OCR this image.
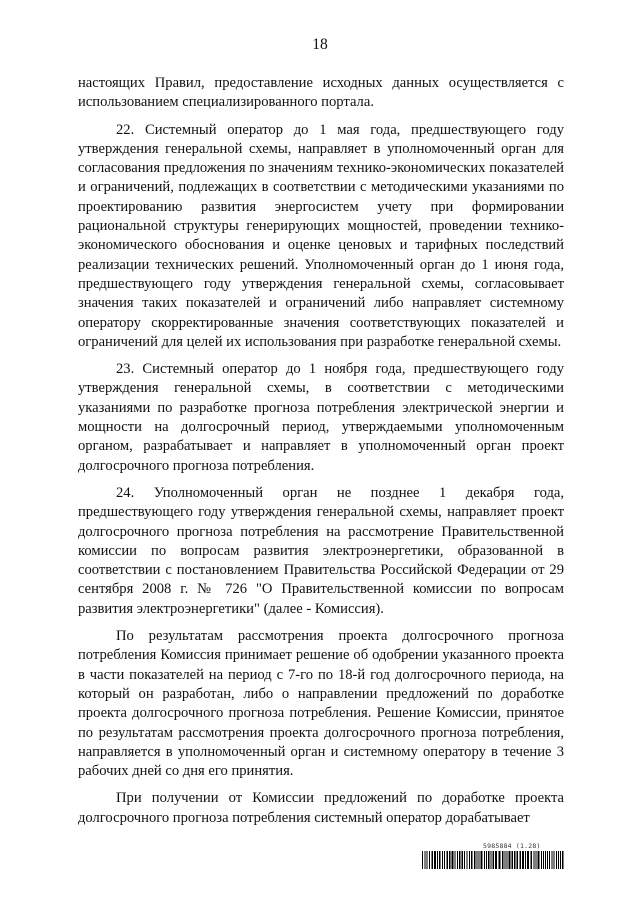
18

настоящих Правил, предоставление исходных данных осуществляется с использованием специализированного портала.

22. Системный оператор до 1 мая года, предшествующего году утверждения генеральной схемы, направляет в уполномоченный орган для согласования предложения по значениям технико-экономических показателей и ограничений, подлежащих в соответствии с методическими указаниями по проектированию развития энергосистем учету при формировании рациональной структуры генерирующих мощностей, проведении технико-экономического обоснования и оценке ценовых и тарифных последствий реализации технических решений. Уполномоченный орган до 1 июня года, предшествующего году утверждения генеральной схемы, согласовывает значения таких показателей и ограничений либо направляет системному оператору скорректированные значения соответствующих показателей и ограничений для целей их использования при разработке генеральной схемы.

23. Системный оператор до 1 ноября года, предшествующего году утверждения генеральной схемы, в соответствии с методическими указаниями по разработке прогноза потребления электрической энергии и мощности на долгосрочный период, утверждаемыми уполномоченным органом, разрабатывает и направляет в уполномоченный орган проект долгосрочного прогноза потребления.

24. Уполномоченный орган не позднее 1 декабря года, предшествующего году утверждения генеральной схемы, направляет проект долгосрочного прогноза потребления на рассмотрение Правительственной комиссии по вопросам развития электроэнергетики, образованной в соответствии с постановлением Правительства Российской Федерации от 29 сентября 2008 г. № 726 "О Правительственной комиссии по вопросам развития электроэнергетики" (далее - Комиссия).

По результатам рассмотрения проекта долгосрочного прогноза потребления Комиссия принимает решение об одобрении указанного проекта в части показателей на период с 7-го по 18-й год долгосрочного периода, на который он разработан, либо о направлении предложений по доработке проекта долгосрочного прогноза потребления. Решение Комиссии, принятое по результатам рассмотрения проекта долгосрочного прогноза потребления, направляется в уполномоченный орган и системному оператору в течение 3 рабочих дней со дня его принятия.

При получении от Комиссии предложений по доработке проекта долгосрочного прогноза потребления системный оператор дорабатывает

5985884 (1.28)
